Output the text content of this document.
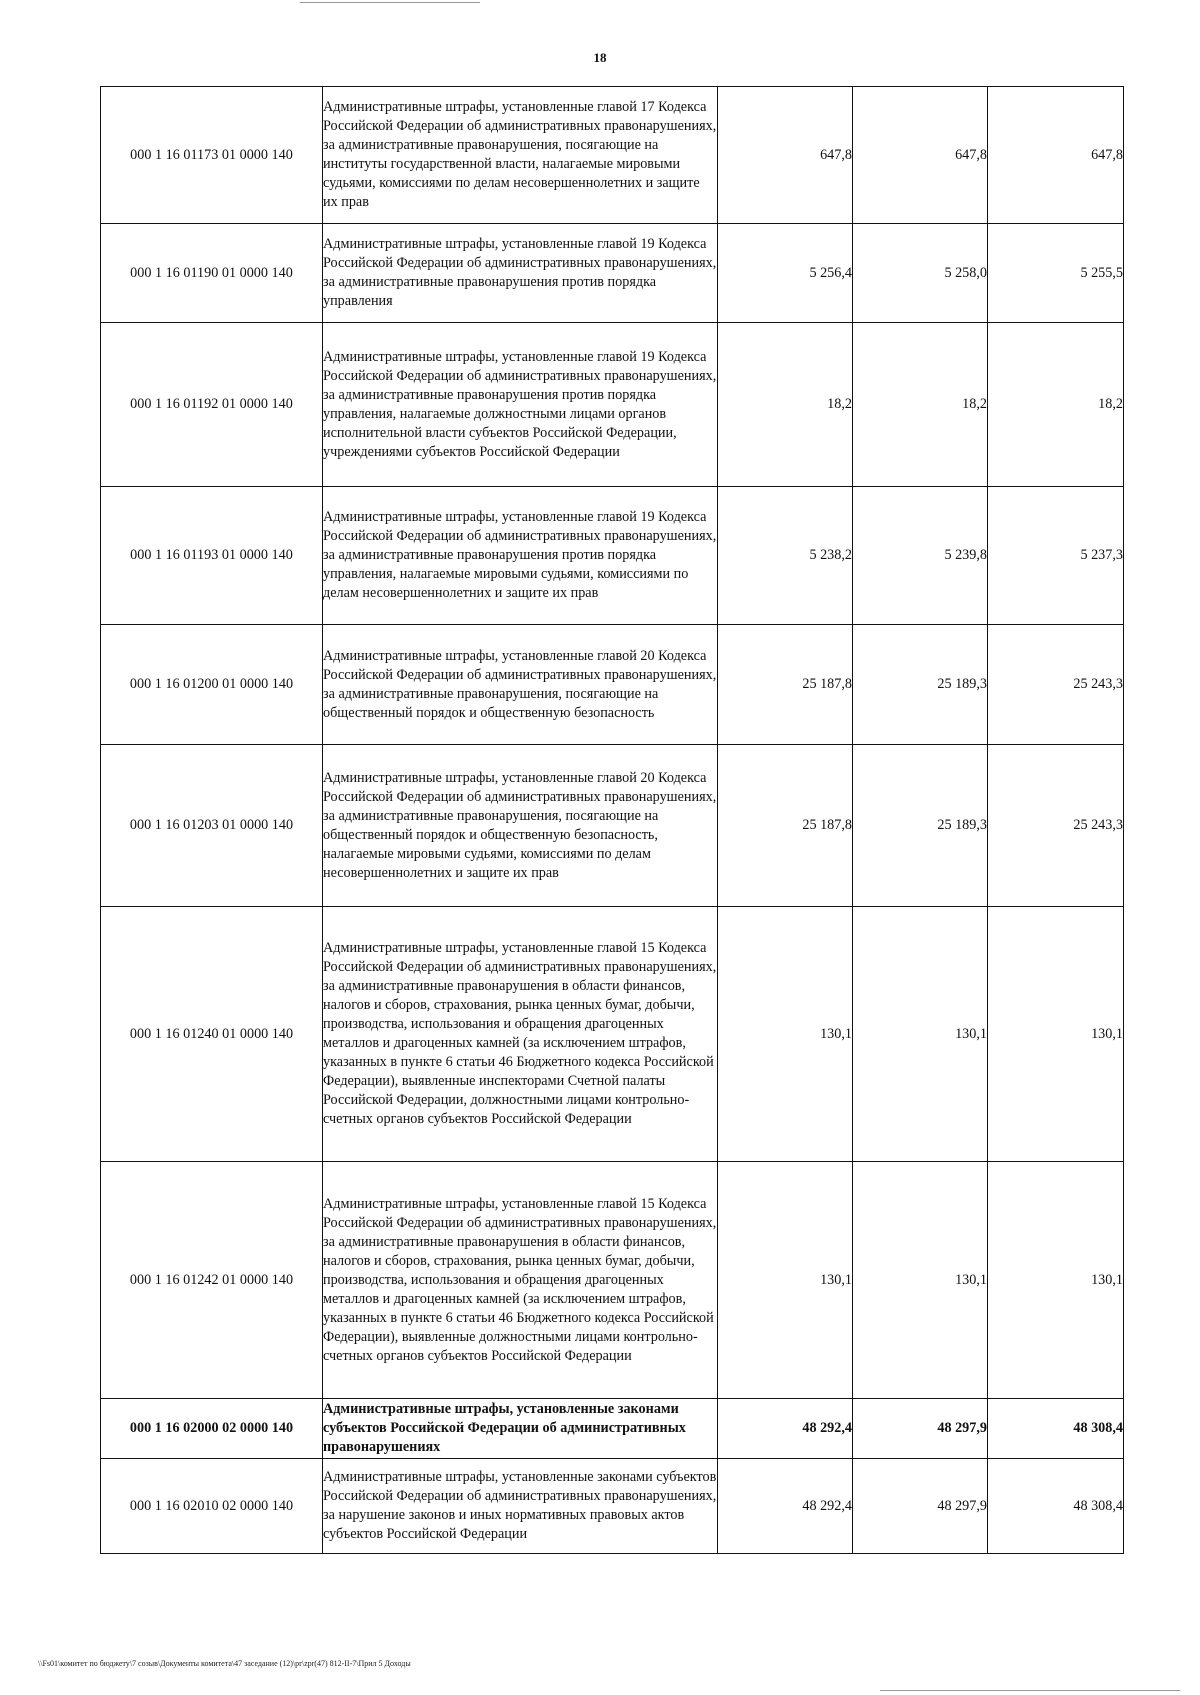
18
000 1 16 01173 01 0000 140	Административные штрафы, установленные главой 17 Кодекса Российской Федерации об административных правонарушениях, за административные правонарушения, посягающие на институты государственной власти, налагаемые мировыми судьями, комиссиями по делам несовершеннолетних и защите их прав	647,8	647,8	647,8
000 1 16 01190 01 0000 140	Административные штрафы, установленные главой 19 Кодекса Российской Федерации об административных правонарушениях, за административные правонарушения против порядка управления	5 256,4	5 258,0	5 255,5
000 1 16 01192 01 0000 140	Административные штрафы, установленные главой 19 Кодекса Российской Федерации об административных правонарушениях, за административные правонарушения против порядка управления, налагаемые должностными лицами органов исполнительной власти субъектов Российской Федерации, учреждениями субъектов Российской Федерации	18,2	18,2	18,2
000 1 16 01193 01 0000 140	Административные штрафы, установленные главой 19 Кодекса Российской Федерации об административных правонарушениях, за административные правонарушения против порядка управления, налагаемые мировыми судьями, комиссиями по делам несовершеннолетних и защите их прав	5 238,2	5 239,8	5 237,3
000 1 16 01200 01 0000 140	Административные штрафы, установленные главой 20 Кодекса Российской Федерации об административных правонарушениях, за административные правонарушения, посягающие на общественный порядок и общественную безопасность	25 187,8	25 189,3	25 243,3
000 1 16 01203 01 0000 140	Административные штрафы, установленные главой 20 Кодекса Российской Федерации об административных правонарушениях, за административные правонарушения, посягающие на общественный порядок и общественную безопасность, налагаемые мировыми судьями, комиссиями по делам несовершеннолетних и защите их прав	25 187,8	25 189,3	25 243,3
000 1 16 01240 01 0000 140	Административные штрафы, установленные главой 15 Кодекса Российской Федерации об административных правонарушениях, за административные правонарушения в области финансов, налогов и сборов, страхования, рынка ценных бумаг, добычи, производства, использования и обращения драгоценных металлов и драгоценных камней (за исключением штрафов, указанных в пункте 6 статьи 46 Бюджетного кодекса Российской Федерации), выявленные инспекторами Счетной палаты Российской Федерации, должностными лицами контрольно-счетных органов субъектов Российской Федерации	130,1	130,1	130,1
000 1 16 01242 01 0000 140	Административные штрафы, установленные главой 15 Кодекса Российской Федерации об административных правонарушениях, за административные правонарушения в области финансов, налогов и сборов, страхования, рынка ценных бумаг, добычи, производства, использования и обращения драгоценных металлов и драгоценных камней (за исключением штрафов, указанных в пункте 6 статьи 46 Бюджетного кодекса Российской Федерации), выявленные должностными лицами контрольно-счетных органов субъектов Российской Федерации	130,1	130,1	130,1
000 1 16 02000 02 0000 140	Административные штрафы, установленные законами субъектов Российской Федерации об административных правонарушениях	48 292,4	48 297,9	48 308,4
000 1 16 02010 02 0000 140	Административные штрафы, установленные законами субъектов Российской Федерации об административных правонарушениях, за нарушение законов и иных нормативных правовых актов субъектов Российской Федерации	48 292,4	48 297,9	48 308,4
\\Fs01\комитет по бюджету\7 созыв\Документы комитета\47 заседание (12)\pr\zpr(47) 812-II-7\Прил 5 Доходы
